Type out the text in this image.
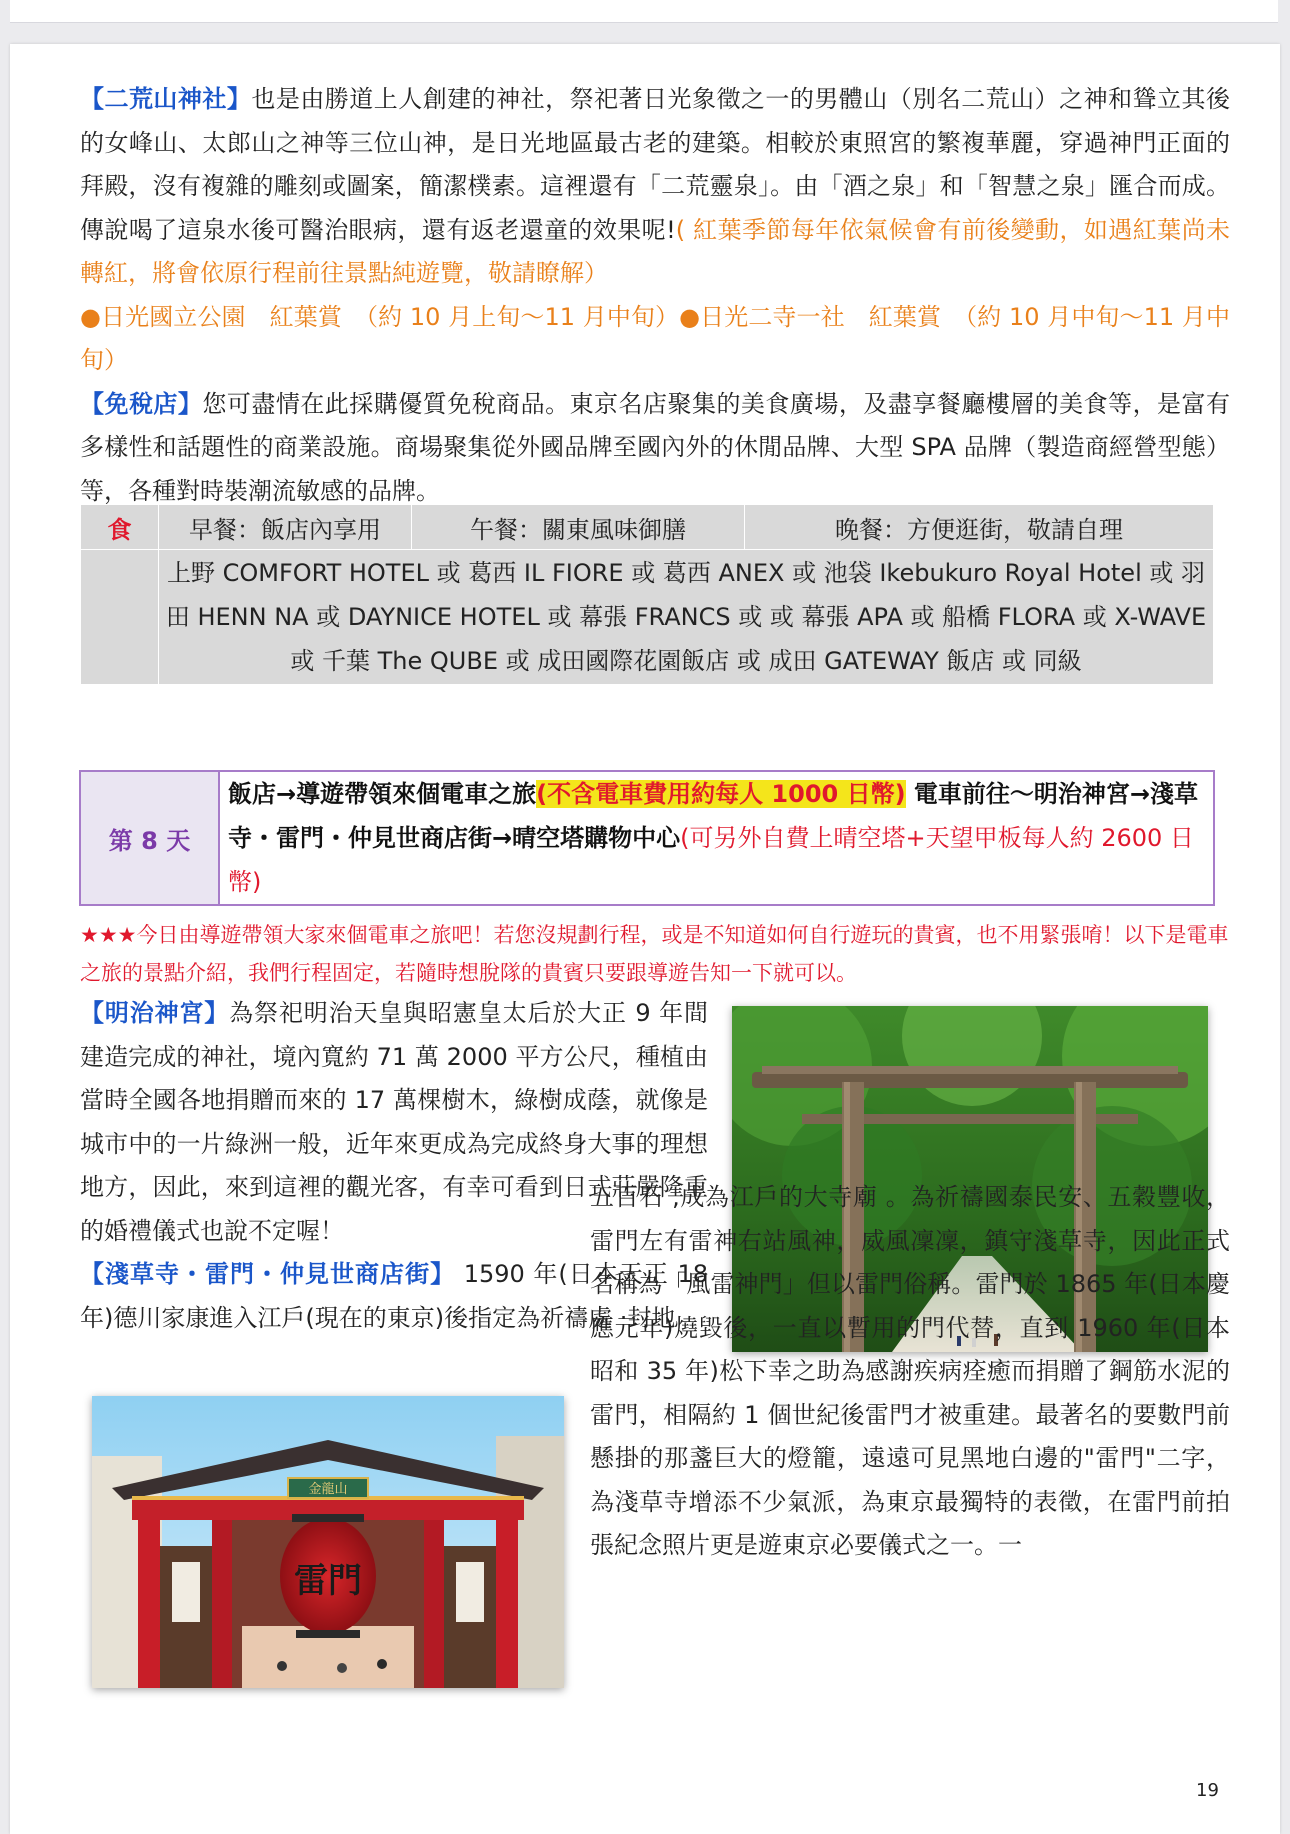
【二荒山神社】也是由勝道上人創建的神社，祭祀著日光象徵之一的男體山（別名二荒山）之神和聳立其後的女峰山、太郎山之神等三位山神，是日光地區最古老的建築。相較於東照宮的繁複華麗，穿過神門正面的拜殿，沒有複雜的雕刻或圖案，簡潔樸素。這裡還有「二荒靈泉」。由「酒之泉」和「智慧之泉」匯合而成。傳說喝了這泉水後可醫治眼病，還有返老還童的效果呢!( 紅葉季節每年依氣候會有前後變動，如遇紅葉尚未轉紅，將會依原行程前往景點純遊覽，敬請瞭解）

●日光國立公園　紅葉賞　（約 10 月上旬～11 月中旬）●日光二寺一社　紅葉賞　（約 10 月中旬～11 月中旬）

【免稅店】您可盡情在此採購優質免稅商品。東京名店聚集的美食廣場，及盡享餐廳樓層的美食等，是富有多樣性和話題性的商業設施。商場聚集從外國品牌至國內外的休閒品牌、大型 SPA 品牌（製造商經營型態）等，各種對時裝潮流敏感的品牌。

食	早餐：飯店內享用	午餐：關東風味御膳	晚餐：方便逛街，敬請自理
	上野 COMFORT HOTEL 或 葛西 IL FIORE 或 葛西 ANEX 或 池袋 Ikebukuro Royal Hotel 或 羽田 HENN NA 或 DAYNICE HOTEL 或 幕張 FRANCS 或 或 幕張 APA 或 船橋 FLORA 或 X-WAVE 或 千葉 The QUBE 或 成田國際花園飯店 或 成田 GATEWAY 飯店 或 同級		
第 8 天	飯店→導遊帶領來個電車之旅(不含電車費用約每人 1000 日幣) 電車前往～明治神宮→淺草寺・雷門・仲見世商店街→晴空塔購物中心(可另外自費上晴空塔+天望甲板每人約 2600 日幣)
★★★今日由導遊帶領大家來個電車之旅吧！若您沒規劃行程，或是不知道如何自行遊玩的貴賓，也不用緊張唷！以下是電車之旅的景點介紹，我們行程固定，若隨時想脫隊的貴賓只要跟導遊告知一下就可以。

【明治神宮】為祭祀明治天皇與昭憲皇太后於大正 9 年間建造完成的神社，境內寬約 71 萬 2000 平方公尺，種植由當時全國各地捐贈而來的 17 萬棵樹木，綠樹成蔭，就像是城市中的一片綠洲一般，近年來更成為完成終身大事的理想地方，因此，來到這裡的觀光客，有幸可看到日式莊嚴隆重的婚禮儀式也說不定喔！

【淺草寺・雷門・仲見世商店街】 1590 年(日本天正 18 年)德川家康進入江戶(現在的東京)後指定為祈禱處 ·封地

五百石 ,成為江戶的大寺廟 。為祈禱國泰民安、五穀豐收，雷門左有雷神右站風神，威風凜凜，鎮守淺草寺，因此正式名稱為「風雷神門」但以雷門俗稱。雷門於 1865 年(日本慶應元年)燒毀後，一直以暫用的門代替，直到 1960 年(日本昭和 35 年)松下幸之助為感謝疾病痊癒而捐贈了鋼筋水泥的雷門，相隔約 1 個世紀後雷門才被重建。最著名的要數門前懸掛的那盞巨大的燈籠，遠遠可見黑地白邊的"雷門"二字，為淺草寺增添不少氣派，為東京最獨特的表徵，在雷門前拍張紀念照片更是遊東京必要儀式之一。一

金龍山
雷門
19
